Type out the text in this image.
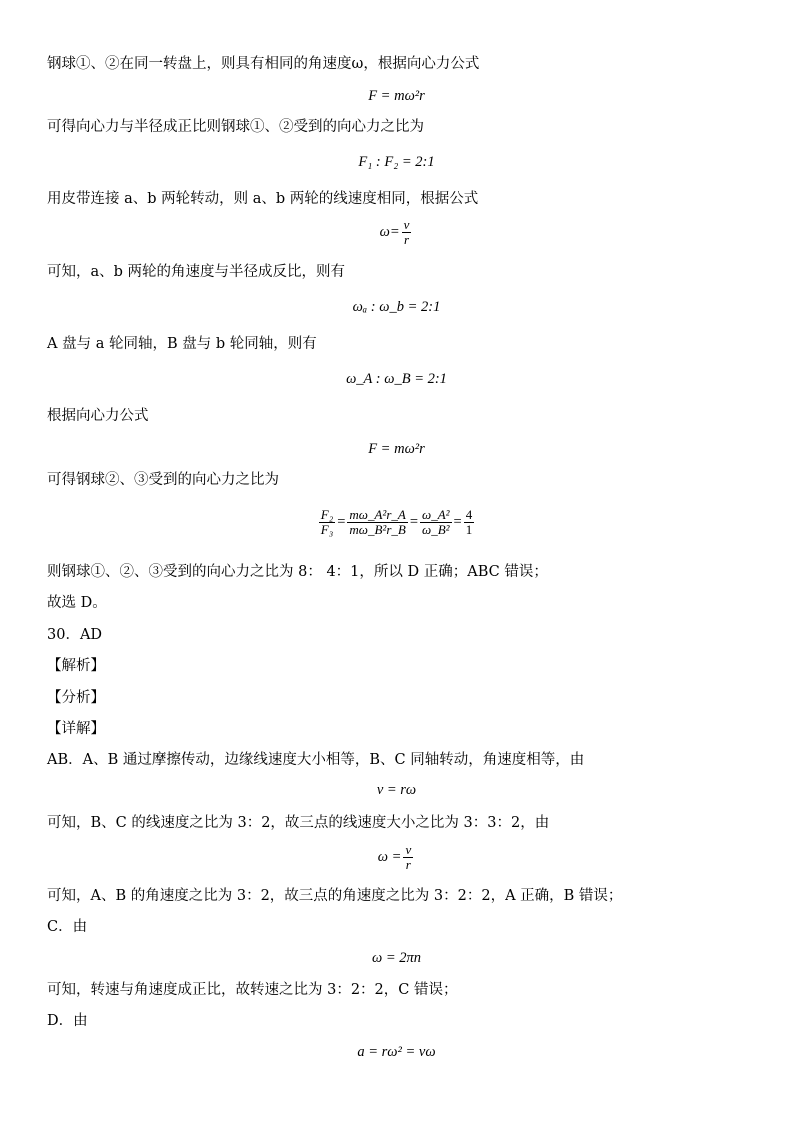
钢球①、②在同一转盘上，则具有相同的角速度ω，根据向心力公式
F = mω²r
可得向心力与半径成正比则钢球①、②受到的向心力之比为
F₁ : F₂ = 2:1
用皮带连接 a、b 两轮转动，则 a、b 两轮的线速度相同，根据公式
$\omega= \frac{v}{r}$
可知，a、b 两轮的角速度与半径成反比，则有
ωₐ : ω_b = 2:1
A 盘与 a 轮同轴，B 盘与 b 轮同轴，则有
ω_A : ω_B = 2:1
根据向心力公式
F = mω²r
可得钢球②、③受到的向心力之比为
$\frac{\text{F₂}}{\text{F₃}} = \frac{\text{mω\_A²r\_A}}{\text{mω\_B²r\_B}} = \frac{\text{ω\_A²}}{\text{ω\_B²}} = \frac{4}{1}$
则钢球①、②、③受到的向心力之比为 8： 4：1，所以 D 正确；ABC 错误；
故选 D。
30．AD
【解析】
【分析】
【详解】
AB．A、B 通过摩擦传动，边缘线速度大小相等，B、C 同轴转动，角速度相等，由
v = rω
可知，B、C 的线速度之比为 3：2，故三点的线速度大小之比为 3：3：2，由
$\omega = \frac{v}{r}$
可知，A、B 的角速度之比为 3：2，故三点的角速度之比为 3：2：2，A 正确，B 错误；
C．由
ω = 2πn
可知，转速与角速度成正比，故转速之比为 3：2：2，C 错误；
D．由
a = rω² = vω
